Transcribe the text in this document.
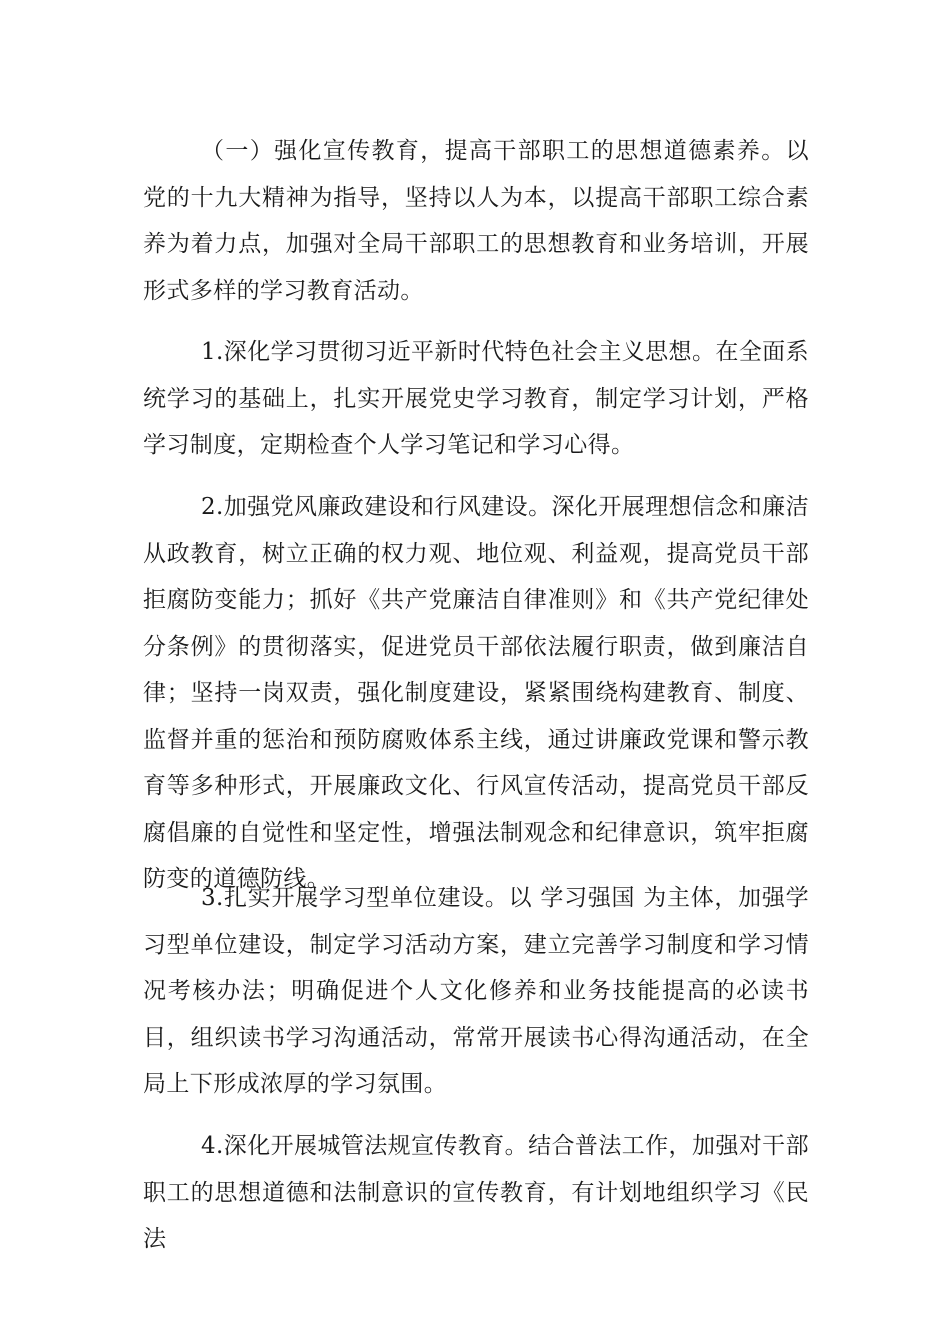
（一）强化宣传教育，提高干部职工的思想道德素养。以党的十九大精神为指导，坚持以人为本，以提高干部职工综合素养为着力点，加强对全局干部职工的思想教育和业务培训，开展形式多样的学习教育活动。

1.深化学习贯彻习近平新时代特色社会主义思想。在全面系统学习的基础上，扎实开展党史学习教育，制定学习计划，严格学习制度，定期检查个人学习笔记和学习心得。

2.加强党风廉政建设和行风建设。深化开展理想信念和廉洁从政教育，树立正确的权力观、地位观、利益观，提高党员干部拒腐防变能力；抓好《共产党廉洁自律准则》和《共产党纪律处分条例》的贯彻落实，促进党员干部依法履行职责，做到廉洁自律；坚持一岗双责，强化制度建设，紧紧围绕构建教育、制度、监督并重的惩治和预防腐败体系主线，通过讲廉政党课和警示教育等多种形式，开展廉政文化、行风宣传活动，提高党员干部反腐倡廉的自觉性和坚定性，增强法制观念和纪律意识，筑牢拒腐防变的道德防线。

3.扎实开展学习型单位建设。以 学习强国 为主体，加强学习型单位建设，制定学习活动方案，建立完善学习制度和学习情况考核办法；明确促进个人文化修养和业务技能提高的必读书目，组织读书学习沟通活动，常常开展读书心得沟通活动，在全局上下形成浓厚的学习氛围。

4.深化开展城管法规宣传教育。结合普法工作，加强对干部职工的思想道德和法制意识的宣传教育，有计划地组织学习《民法
